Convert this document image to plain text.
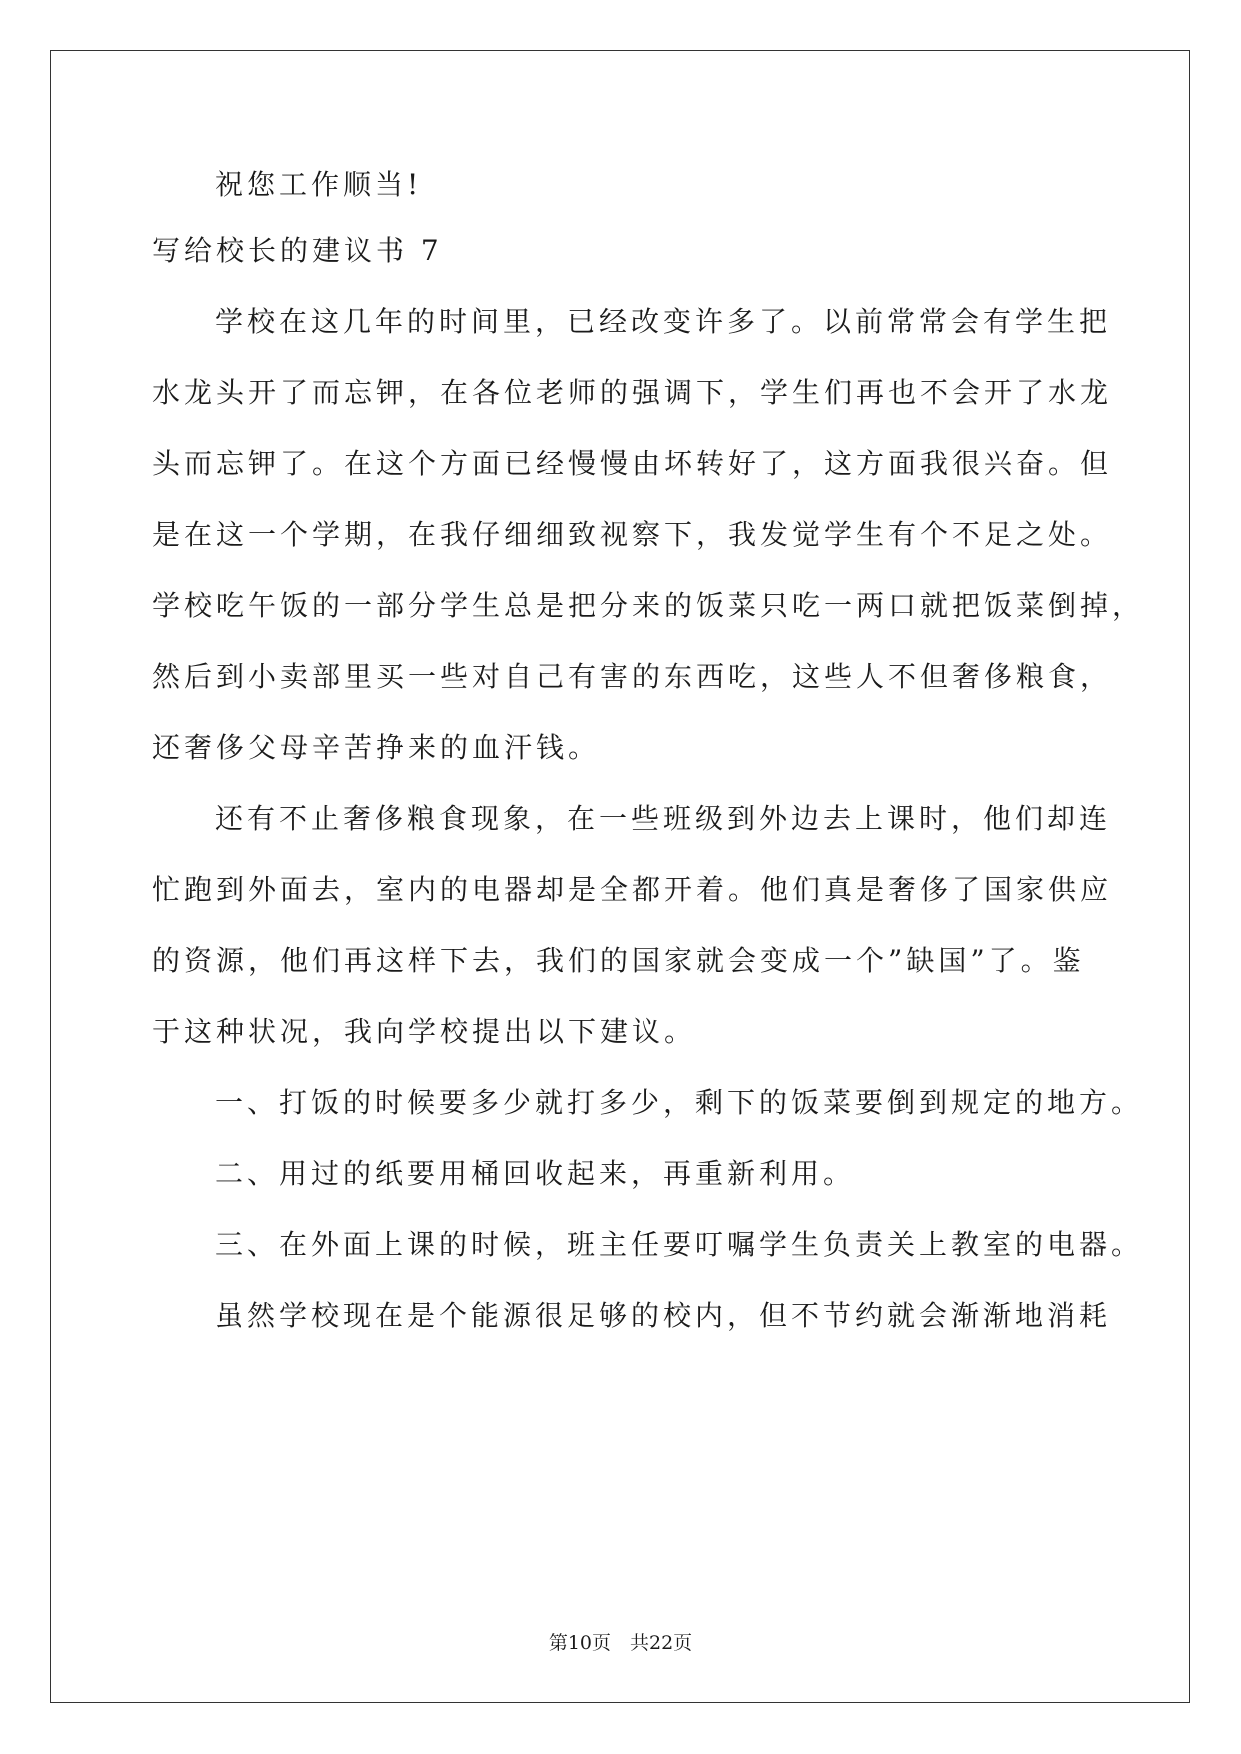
祝您工作顺当!
写给校长的建议书 7
学校在这几年的时间里，已经改变许多了。以前常常会有学生把
水龙头开了而忘钾，在各位老师的强调下，学生们再也不会开了水龙
头而忘钾了。在这个方面已经慢慢由坏转好了，这方面我很兴奋。但
是在这一个学期，在我仔细细致视察下，我发觉学生有个不足之处。
学校吃午饭的一部分学生总是把分来的饭菜只吃一两口就把饭菜倒掉，
然后到小卖部里买一些对自己有害的东西吃，这些人不但奢侈粮食，
还奢侈父母辛苦挣来的血汗钱。
还有不止奢侈粮食现象，在一些班级到外边去上课时，他们却连
忙跑到外面去，室内的电器却是全都开着。他们真是奢侈了国家供应
的资源，他们再这样下去，我们的国家就会变成一个”缺国”了。鉴
于这种状况，我向学校提出以下建议。
一、打饭的时候要多少就打多少，剩下的饭菜要倒到规定的地方。
二、用过的纸要用桶回收起来，再重新利用。
三、在外面上课的时候，班主任要叮嘱学生负责关上教室的电器。
虽然学校现在是个能源很足够的校内，但不节约就会渐渐地消耗
第10页　共22页
